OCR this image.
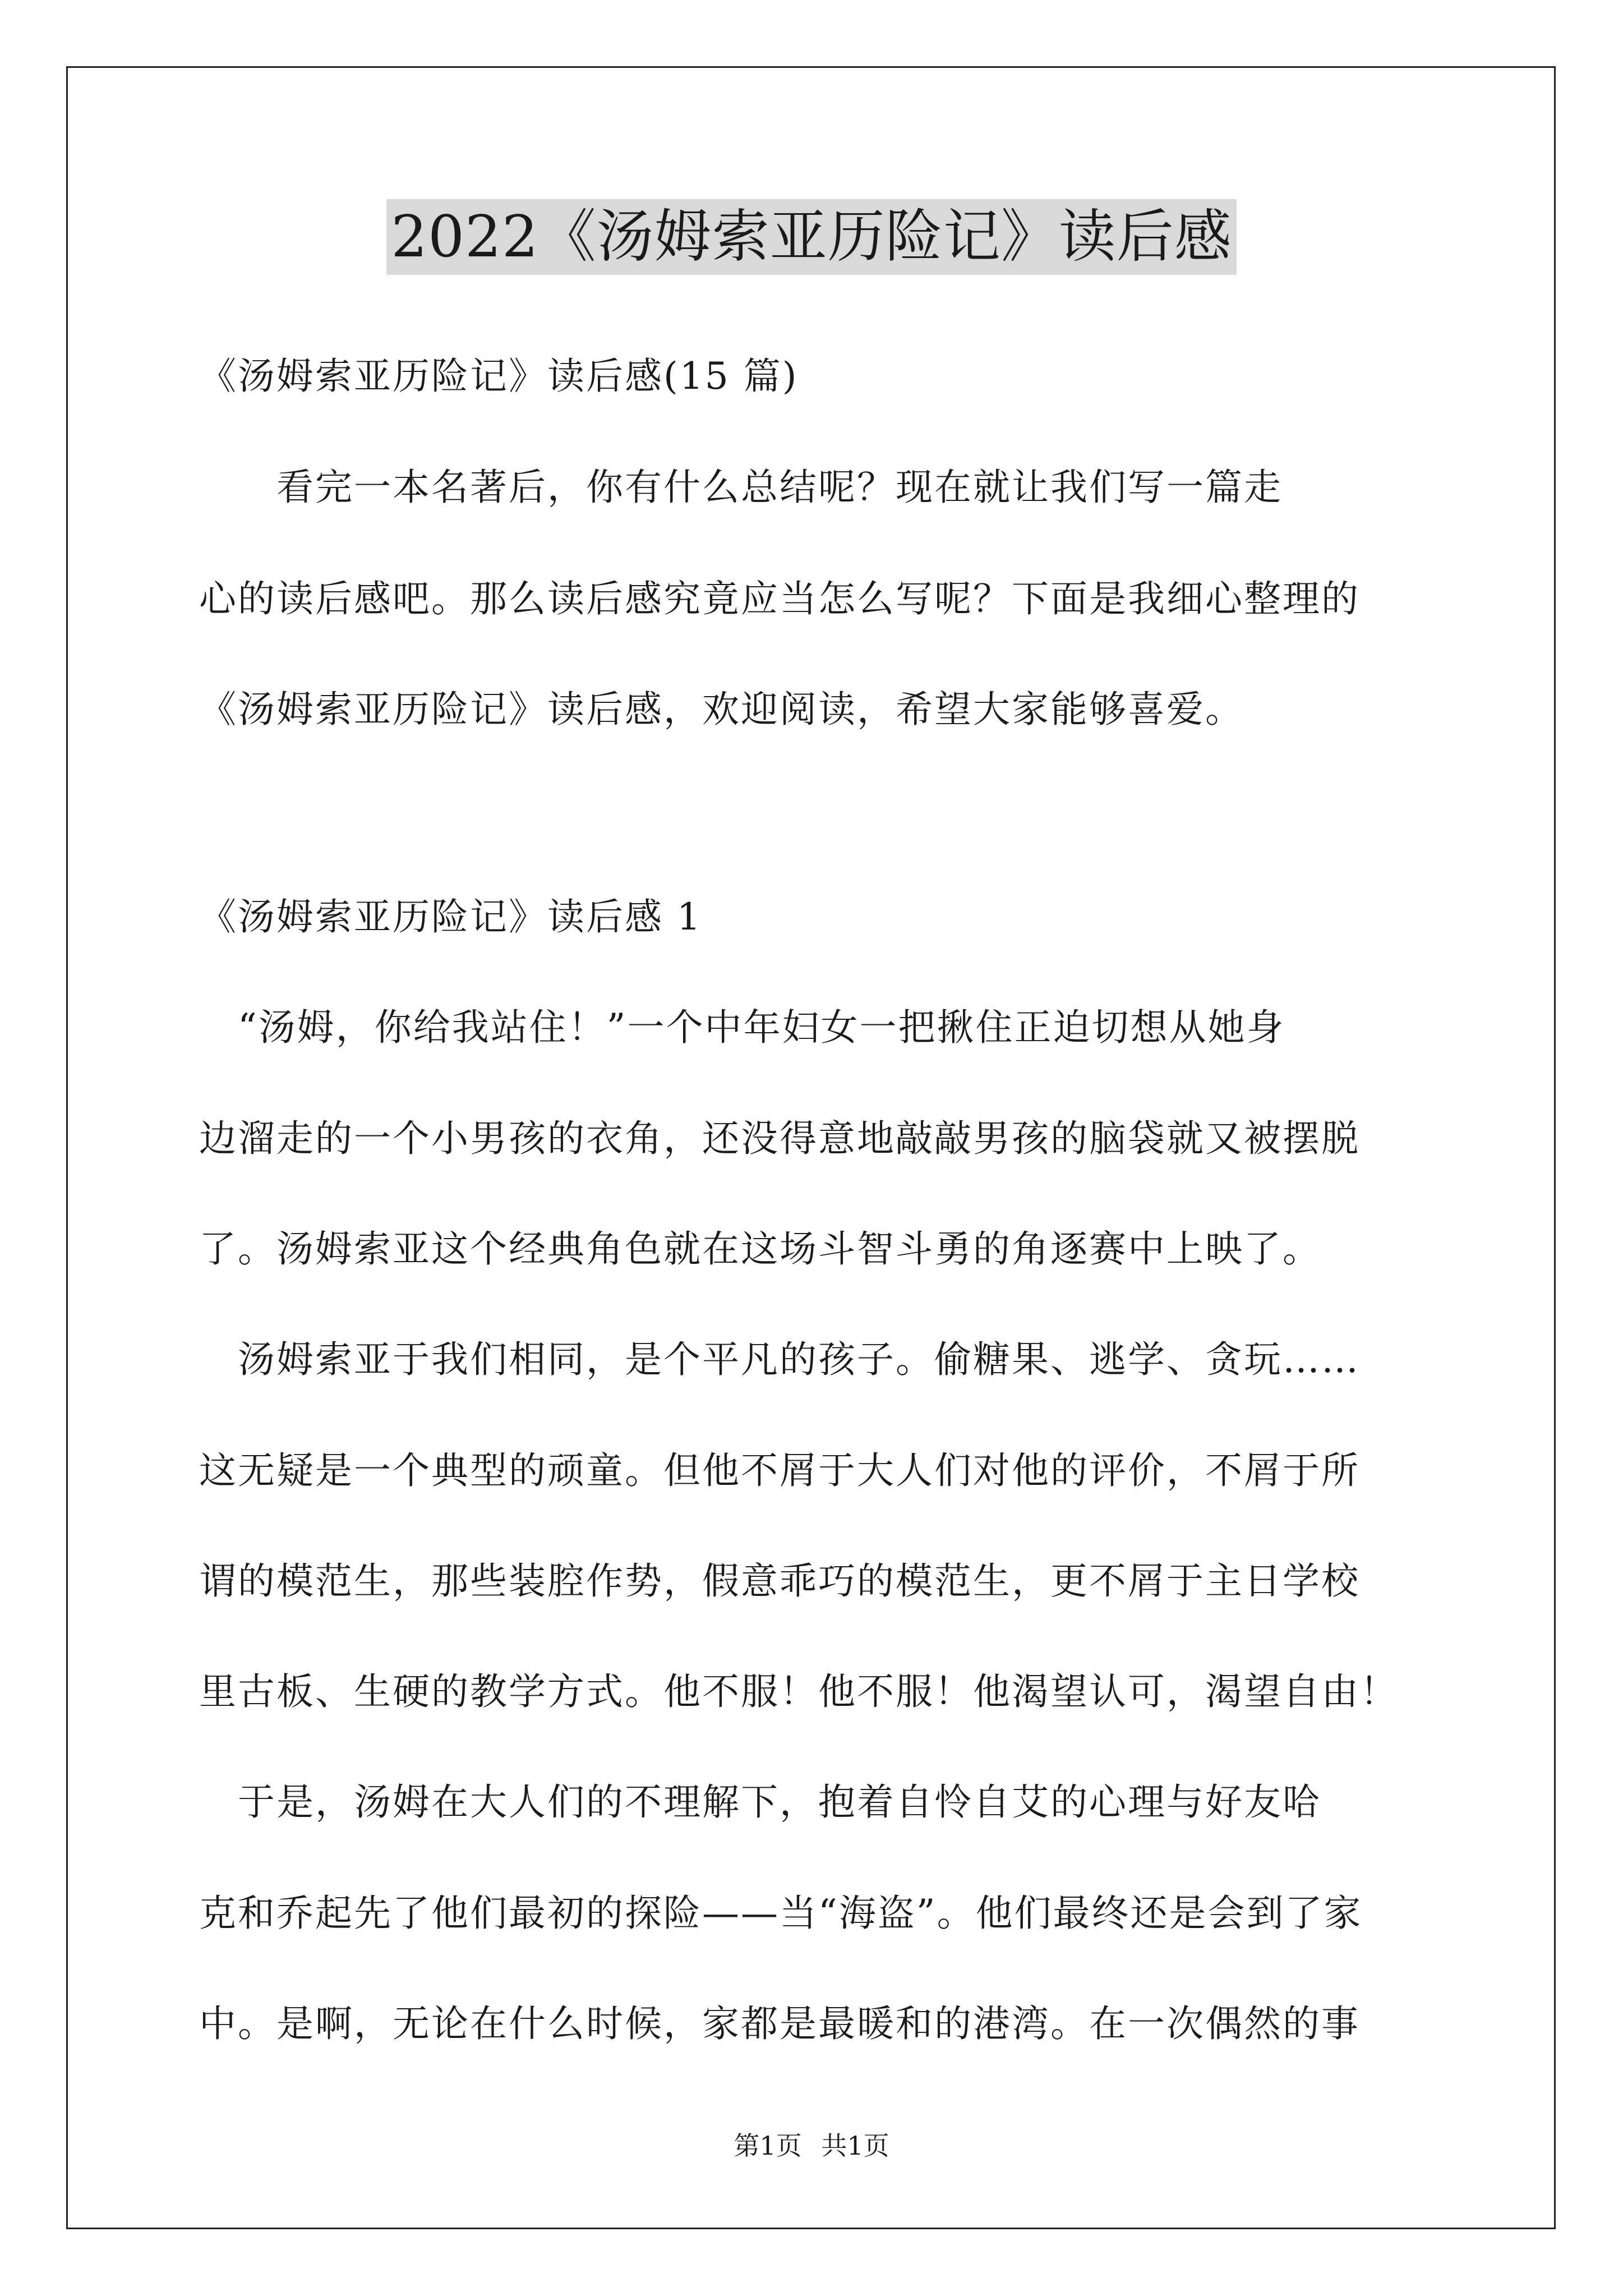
2022《汤姆索亚历险记》读后感
《汤姆索亚历险记》读后感(15 篇)
　　看完一本名著后，你有什么总结呢？现在就让我们写一篇走
心的读后感吧。那么读后感究竟应当怎么写呢？下面是我细心整理的
《汤姆索亚历险记》读后感，欢迎阅读，希望大家能够喜爱。
《汤姆索亚历险记》读后感 1
　“汤姆，你给我站住！”一个中年妇女一把揪住正迫切想从她身
边溜走的一个小男孩的衣角，还没得意地敲敲男孩的脑袋就又被摆脱
了。汤姆索亚这个经典角色就在这场斗智斗勇的角逐赛中上映了。
　汤姆索亚于我们相同，是个平凡的孩子。偷糖果、逃学、贪玩……
这无疑是一个典型的顽童。但他不屑于大人们对他的评价，不屑于所
谓的模范生，那些装腔作势，假意乖巧的模范生，更不屑于主日学校
里古板、生硬的教学方式。他不服！他不服！他渴望认可，渴望自由！
　于是，汤姆在大人们的不理解下，抱着自怜自艾的心理与好友哈
克和乔起先了他们最初的探险——当“海盗”。他们最终还是会到了家
中。是啊，无论在什么时候，家都是最暖和的港湾。在一次偶然的事
第1页 共1页
